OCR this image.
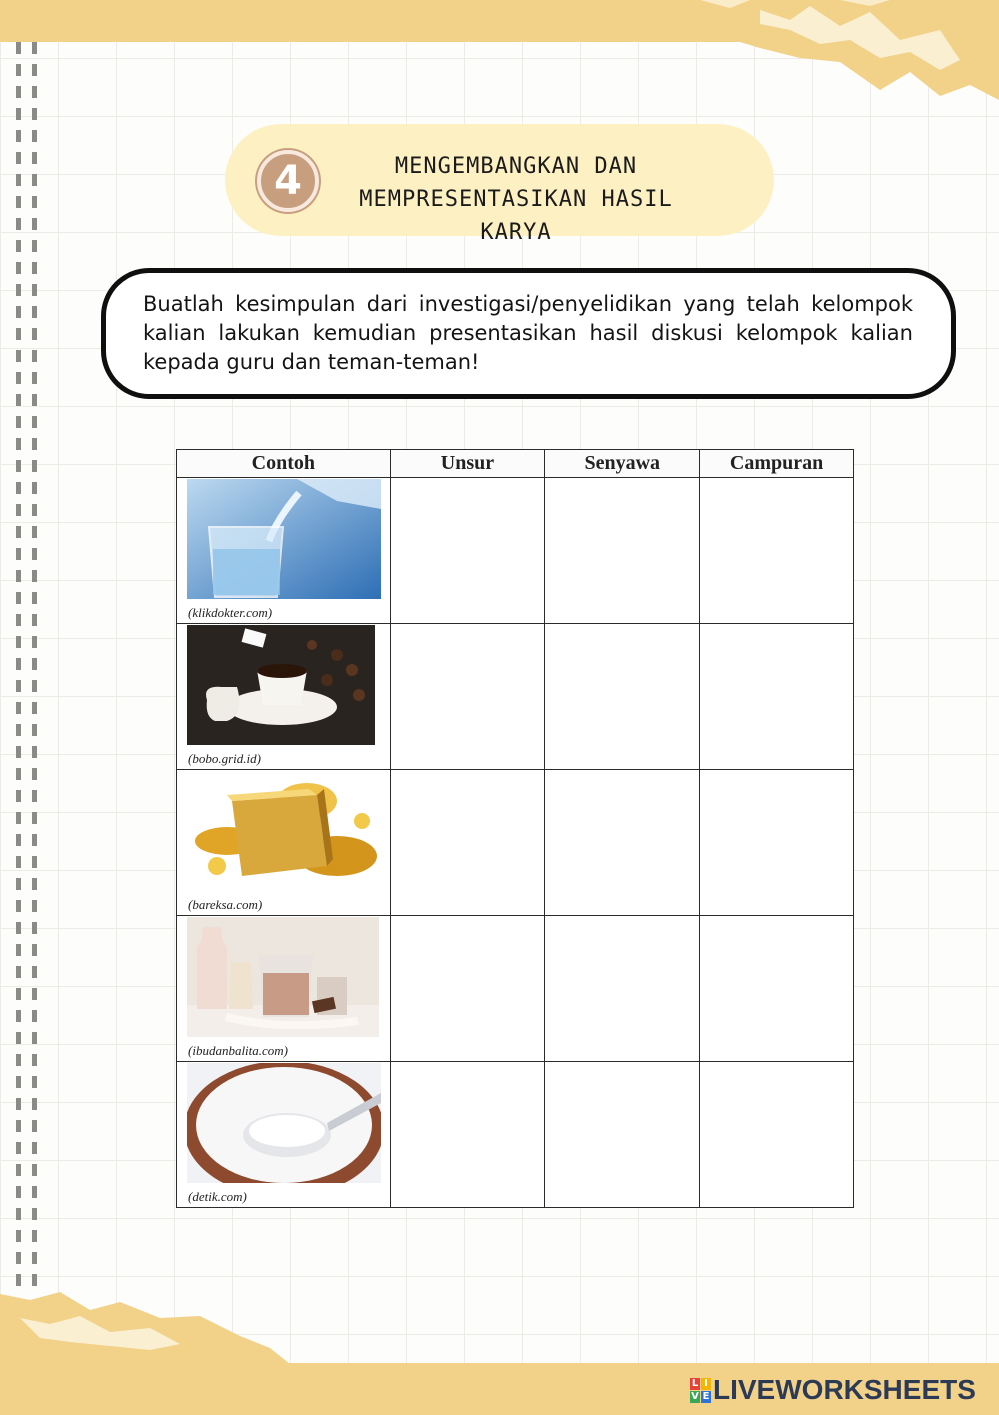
4	MENGEMBANGKAN DAN
MEMPRESENTASIKAN HASIL KARYA

Buatlah kesimpulan dari investigasi/penyelidikan yang telah kelompok kalian lakukan kemudian presentasikan hasil diskusi kelompok kalian kepada guru dan teman-teman!

Contoh	Unsur	Senyawa	Campuran

(klikdokter.com)			

(bobo.grid.id)			

(bareksa.com)			

(ibudanbalita.com)			

(detik.com)			

L I
V E LIVEWORKSHEETS
